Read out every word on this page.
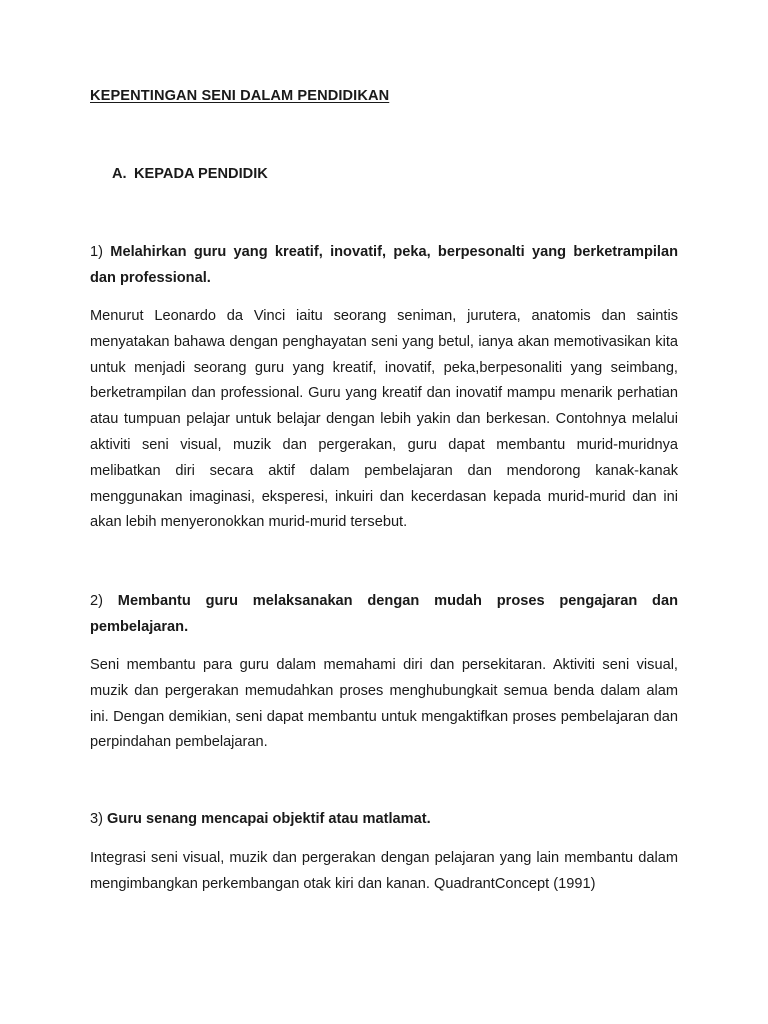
KEPENTINGAN SENI DALAM PENDIDIKAN
A. KEPADA PENDIDIK

1) Melahirkan guru yang kreatif, inovatif, peka, berpesonalti yang berketrampilan dan professional.

Menurut Leonardo da Vinci iaitu seorang seniman, jurutera, anatomis dan saintis menyatakan bahawa dengan penghayatan seni yang betul, ianya akan memotivasikan kita untuk menjadi seorang guru yang kreatif, inovatif, peka,berpesonaliti yang seimbang, berketrampilan dan professional. Guru yang kreatif dan inovatif mampu menarik perhatian atau tumpuan pelajar untuk belajar dengan lebih yakin dan berkesan. Contohnya melalui aktiviti seni visual, muzik dan pergerakan, guru dapat membantu murid-muridnya melibatkan diri secara aktif dalam pembelajaran dan mendorong kanak-kanak menggunakan imaginasi, eksperesi, inkuiri dan kecerdasan kepada murid-murid dan ini akan lebih menyeronokkan murid-murid tersebut.

2) Membantu guru melaksanakan dengan mudah proses pengajaran dan pembelajaran.

Seni membantu para guru dalam memahami diri dan persekitaran. Aktiviti seni visual, muzik dan pergerakan memudahkan proses menghubungkait semua benda dalam alam ini. Dengan demikian, seni dapat membantu untuk mengaktifkan proses pembelajaran dan perpindahan pembelajaran.

3) Guru senang mencapai objektif atau matlamat.

Integrasi seni visual, muzik dan pergerakan dengan pelajaran yang lain membantu dalam mengimbangkan perkembangan otak kiri dan kanan. QuadrantConcept (1991)
